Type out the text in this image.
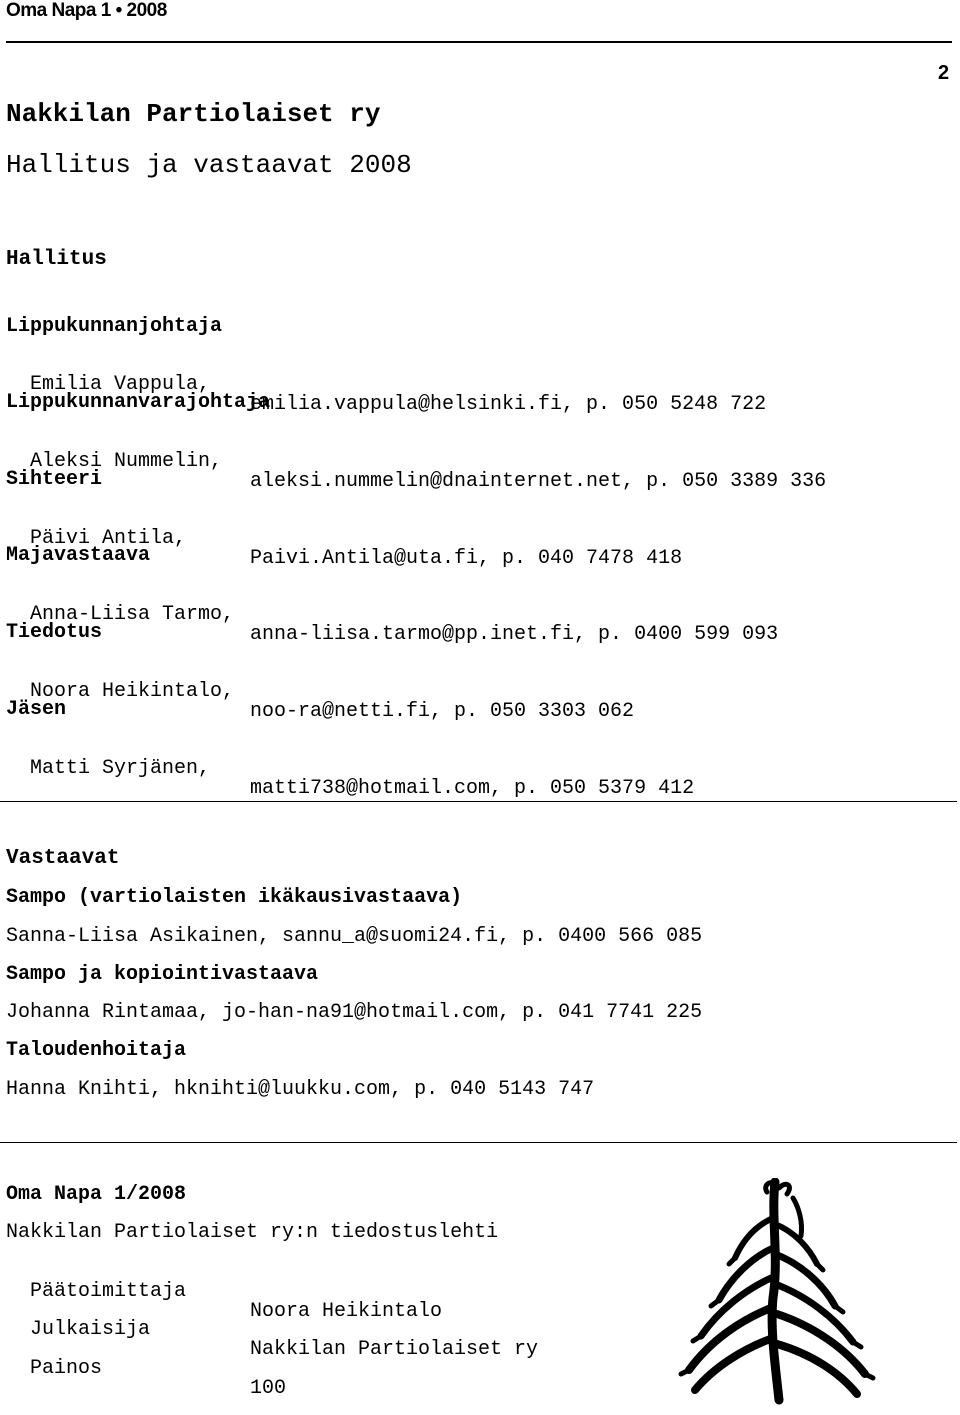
Oma Napa 1 • 2008
2
Nakkilan Partiolaiset ry
Hallitus ja vastaavat 2008
Hallitus
Lippukunnanjohtaja

Emilia Vappula,

emilia.vappula@helsinki.fi, p. 050 5248 722

Lippukunnanvarajohtaja

Aleksi Nummelin,

aleksi.nummelin@dnainternet.net, p. 050 3389 336

Sihteeri

Päivi Antila,

Paivi.Antila@uta.fi, p. 040 7478 418

Majavastaava

Anna-Liisa Tarmo,

anna-liisa.tarmo@pp.inet.fi, p. 0400 599 093

Tiedotus

Noora Heikintalo,

noo-ra@netti.fi, p. 050 3303 062

Jäsen

Matti Syrjänen,

matti738@hotmail.com, p. 050 5379 412

Vastaavat
Sampo (vartiolaisten ikäkausivastaava)
Sanna-Liisa Asikainen, sannu_a@suomi24.fi, p. 0400 566 085
Sampo ja kopiointivastaava
Johanna Rintamaa, jo-han-na91@hotmail.com, p. 041 7741 225
Taloudenhoitaja
Hanna Knihti, hknihti@luukku.com, p. 040 5143 747
Oma Napa 1/2008
Nakkilan Partiolaiset ry:n tiedostuslehti

Päätoimittaja

Noora Heikintalo

Julkaisija

Nakkilan Partiolaiset ry

Painos

100
